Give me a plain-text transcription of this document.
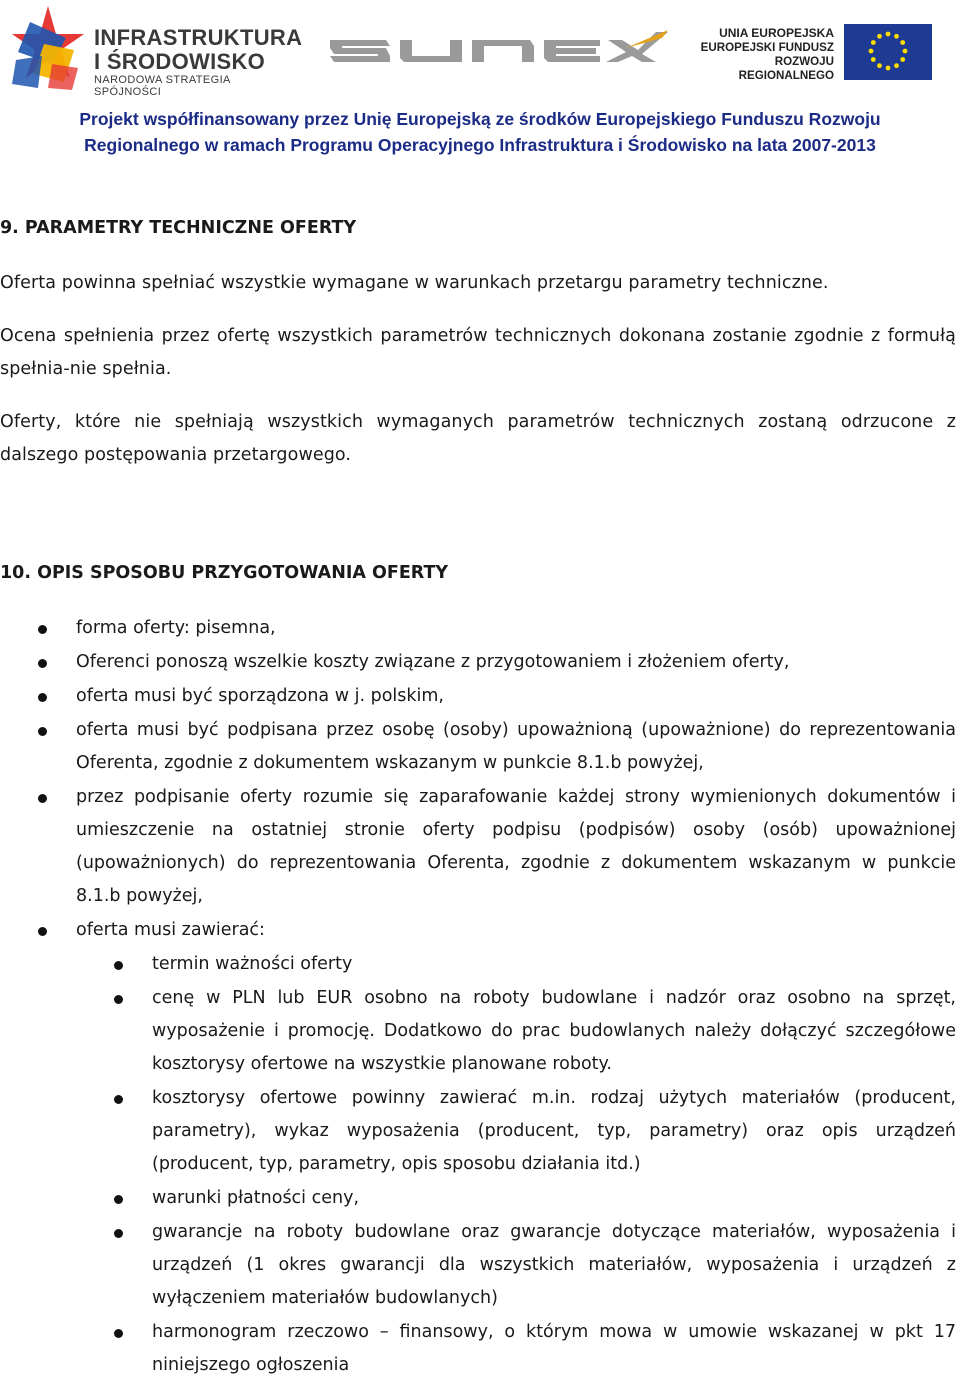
INFRASTRUKTURA
I ŚRODOWISKO
NARODOWA STRATEGIA SPÓJNOŚCI
UNIA EUROPEJSKA
EUROPEJSKI FUNDUSZ
ROZWOJU REGIONALNEGO
Projekt współfinansowany przez Unię Europejską ze środków Europejskiego Funduszu Rozwoju
Regionalnego w ramach Programu Operacyjnego Infrastruktura i Środowisko na lata 2007-2013
9. PARAMETRY TECHNICZNE OFERTY

Oferta powinna spełniać wszystkie wymagane w warunkach przetargu parametry techniczne.

Ocena spełnienia przez ofertę wszystkich parametrów technicznych dokonana zostanie zgodnie z formułą spełnia-nie spełnia.

Oferty, które nie spełniają wszystkich wymaganych parametrów technicznych zostaną odrzucone z dalszego postępowania przetargowego.

10. OPIS SPOSOBU PRZYGOTOWANIA OFERTY
forma oferty: pisemna,
Oferenci ponoszą wszelkie koszty związane z przygotowaniem i złożeniem oferty,
oferta musi być sporządzona w j. polskim,
oferta musi być podpisana przez osobę (osoby) upoważnioną (upoważnione) do reprezentowania Oferenta, zgodnie z dokumentem wskazanym w punkcie 8.1.b powyżej,
przez podpisanie oferty rozumie się zaparafowanie każdej strony wymienionych dokumentów i umieszczenie na ostatniej stronie oferty podpisu (podpisów) osoby (osób) upoważnionej (upoważnionych) do reprezentowania Oferenta, zgodnie z dokumentem wskazanym w punkcie 8.1.b powyżej,
oferta musi zawierać:
termin ważności oferty
cenę w PLN lub EUR osobno na roboty budowlane i nadzór oraz osobno na sprzęt, wyposażenie i promocję. Dodatkowo do prac budowlanych należy dołączyć szczegółowe kosztorysy ofertowe na wszystkie planowane roboty.
kosztorysy ofertowe powinny zawierać m.in. rodzaj użytych materiałów (producent, parametry), wykaz wyposażenia (producent, typ, parametry) oraz opis urządzeń (producent, typ, parametry, opis sposobu działania itd.)
warunki płatności ceny,
gwarancje na roboty budowlane oraz gwarancje dotyczące materiałów, wyposażenia i urządzeń (1 okres gwarancji dla wszystkich materiałów, wyposażenia i urządzeń z wyłączeniem materiałów budowlanych)
harmonogram rzeczowo – finansowy, o którym mowa w umowie wskazanej w pkt 17 niniejszego ogłoszenia
